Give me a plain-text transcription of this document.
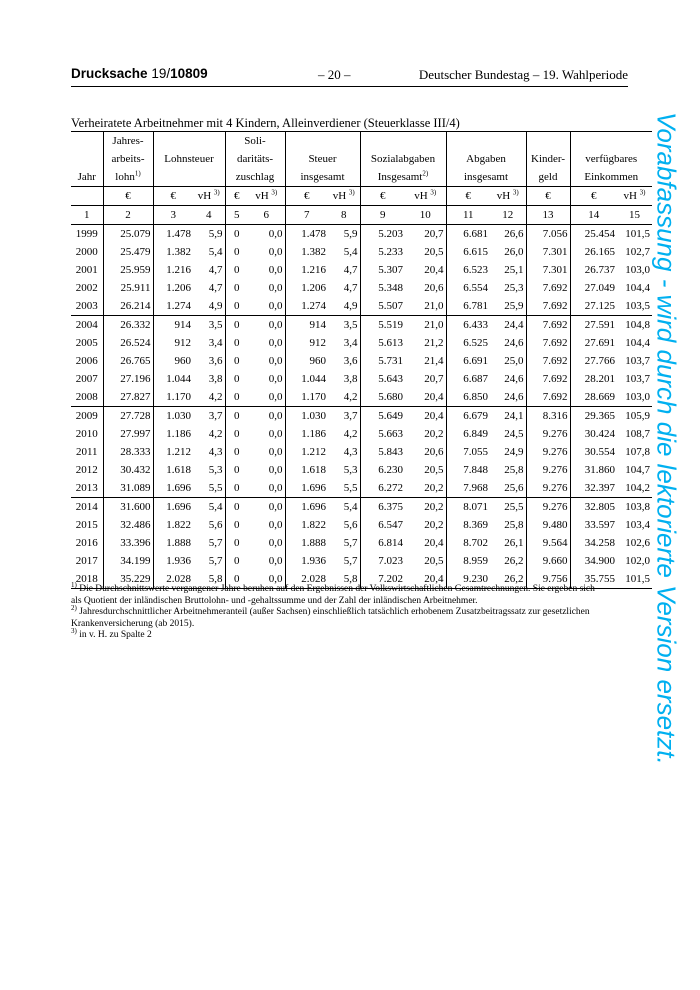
Drucksache 19/10809	– 20 –	Deutscher Bundestag – 19. Wahlperiode
Verheiratete Arbeitnehmer mit 4 Kindern, Alleinverdiener (Steuerklasse III/4)
	Jahres-			Soli-										
	arbeits-	Lohnsteuer		daritäts-		Steuer		Sozialabgaben		Abgaben		Kinder-	verfügbares	
Jahr	lohn$^{1)}$			zuschlag		insgesamt		Insgesamt$^{2)}$		insgesamt		geld	Einkommen	
	€	€	vH $^{3)}$	€	vH $^{3)}$	€	vH $^{3)}$	€	vH $^{3)}$	€	vH $^{3)}$	€	€	vH $^{3)}$
1	2	3	4	5	6	7	8	9	10	11	12	13	14	15
1999	25.079	1.478	5,9	0	0,0	1.478	5,9	5.203	20,7	6.681	26,6	7.056	25.454	101,5
2000	25.479	1.382	5,4	0	0,0	1.382	5,4	5.233	20,5	6.615	26,0	7.301	26.165	102,7
2001	25.959	1.216	4,7	0	0,0	1.216	4,7	5.307	20,4	6.523	25,1	7.301	26.737	103,0
2002	25.911	1.206	4,7	0	0,0	1.206	4,7	5.348	20,6	6.554	25,3	7.692	27.049	104,4
2003	26.214	1.274	4,9	0	0,0	1.274	4,9	5.507	21,0	6.781	25,9	7.692	27.125	103,5
2004	26.332	914	3,5	0	0,0	914	3,5	5.519	21,0	6.433	24,4	7.692	27.591	104,8
2005	26.524	912	3,4	0	0,0	912	3,4	5.613	21,2	6.525	24,6	7.692	27.691	104,4
2006	26.765	960	3,6	0	0,0	960	3,6	5.731	21,4	6.691	25,0	7.692	27.766	103,7
2007	27.196	1.044	3,8	0	0,0	1.044	3,8	5.643	20,7	6.687	24,6	7.692	28.201	103,7
2008	27.827	1.170	4,2	0	0,0	1.170	4,2	5.680	20,4	6.850	24,6	7.692	28.669	103,0
2009	27.728	1.030	3,7	0	0,0	1.030	3,7	5.649	20,4	6.679	24,1	8.316	29.365	105,9
2010	27.997	1.186	4,2	0	0,0	1.186	4,2	5.663	20,2	6.849	24,5	9.276	30.424	108,7
2011	28.333	1.212	4,3	0	0,0	1.212	4,3	5.843	20,6	7.055	24,9	9.276	30.554	107,8
2012	30.432	1.618	5,3	0	0,0	1.618	5,3	6.230	20,5	7.848	25,8	9.276	31.860	104,7
2013	31.089	1.696	5,5	0	0,0	1.696	5,5	6.272	20,2	7.968	25,6	9.276	32.397	104,2
2014	31.600	1.696	5,4	0	0,0	1.696	5,4	6.375	20,2	8.071	25,5	9.276	32.805	103,8
2015	32.486	1.822	5,6	0	0,0	1.822	5,6	6.547	20,2	8.369	25,8	9.480	33.597	103,4
2016	33.396	1.888	5,7	0	0,0	1.888	5,7	6.814	20,4	8.702	26,1	9.564	34.258	102,6
2017	34.199	1.936	5,7	0	0,0	1.936	5,7	7.023	20,5	8.959	26,2	9.660	34.900	102,0
2018	35.229	2.028	5,8	0	0,0	2.028	5,8	7.202	20,4	9.230	26,2	9.756	35.755	101,5
$^{1)}$ Die Durchschnittswerte vergangener Jahre beruhen auf den Ergebnissen der Volkswirtschaftlichen Gesamtrechnungen. Sie ergeben sich
als Quotient der inländischen Bruttolohn- und -gehaltssumme und der Zahl der inländischen Arbeitnehmer.
$^{2)}$ Jahresdurchschnittlicher Arbeitnehmeranteil (außer Sachsen) einschließlich tatsächlich erhobenem Zusatzbeitragssatz zur gesetzlichen
Krankenversicherung (ab 2015).
$^{3)}$ in v. H. zu Spalte 2	Vorabfassung - wird durch die lektorierte Version ersetzt.
